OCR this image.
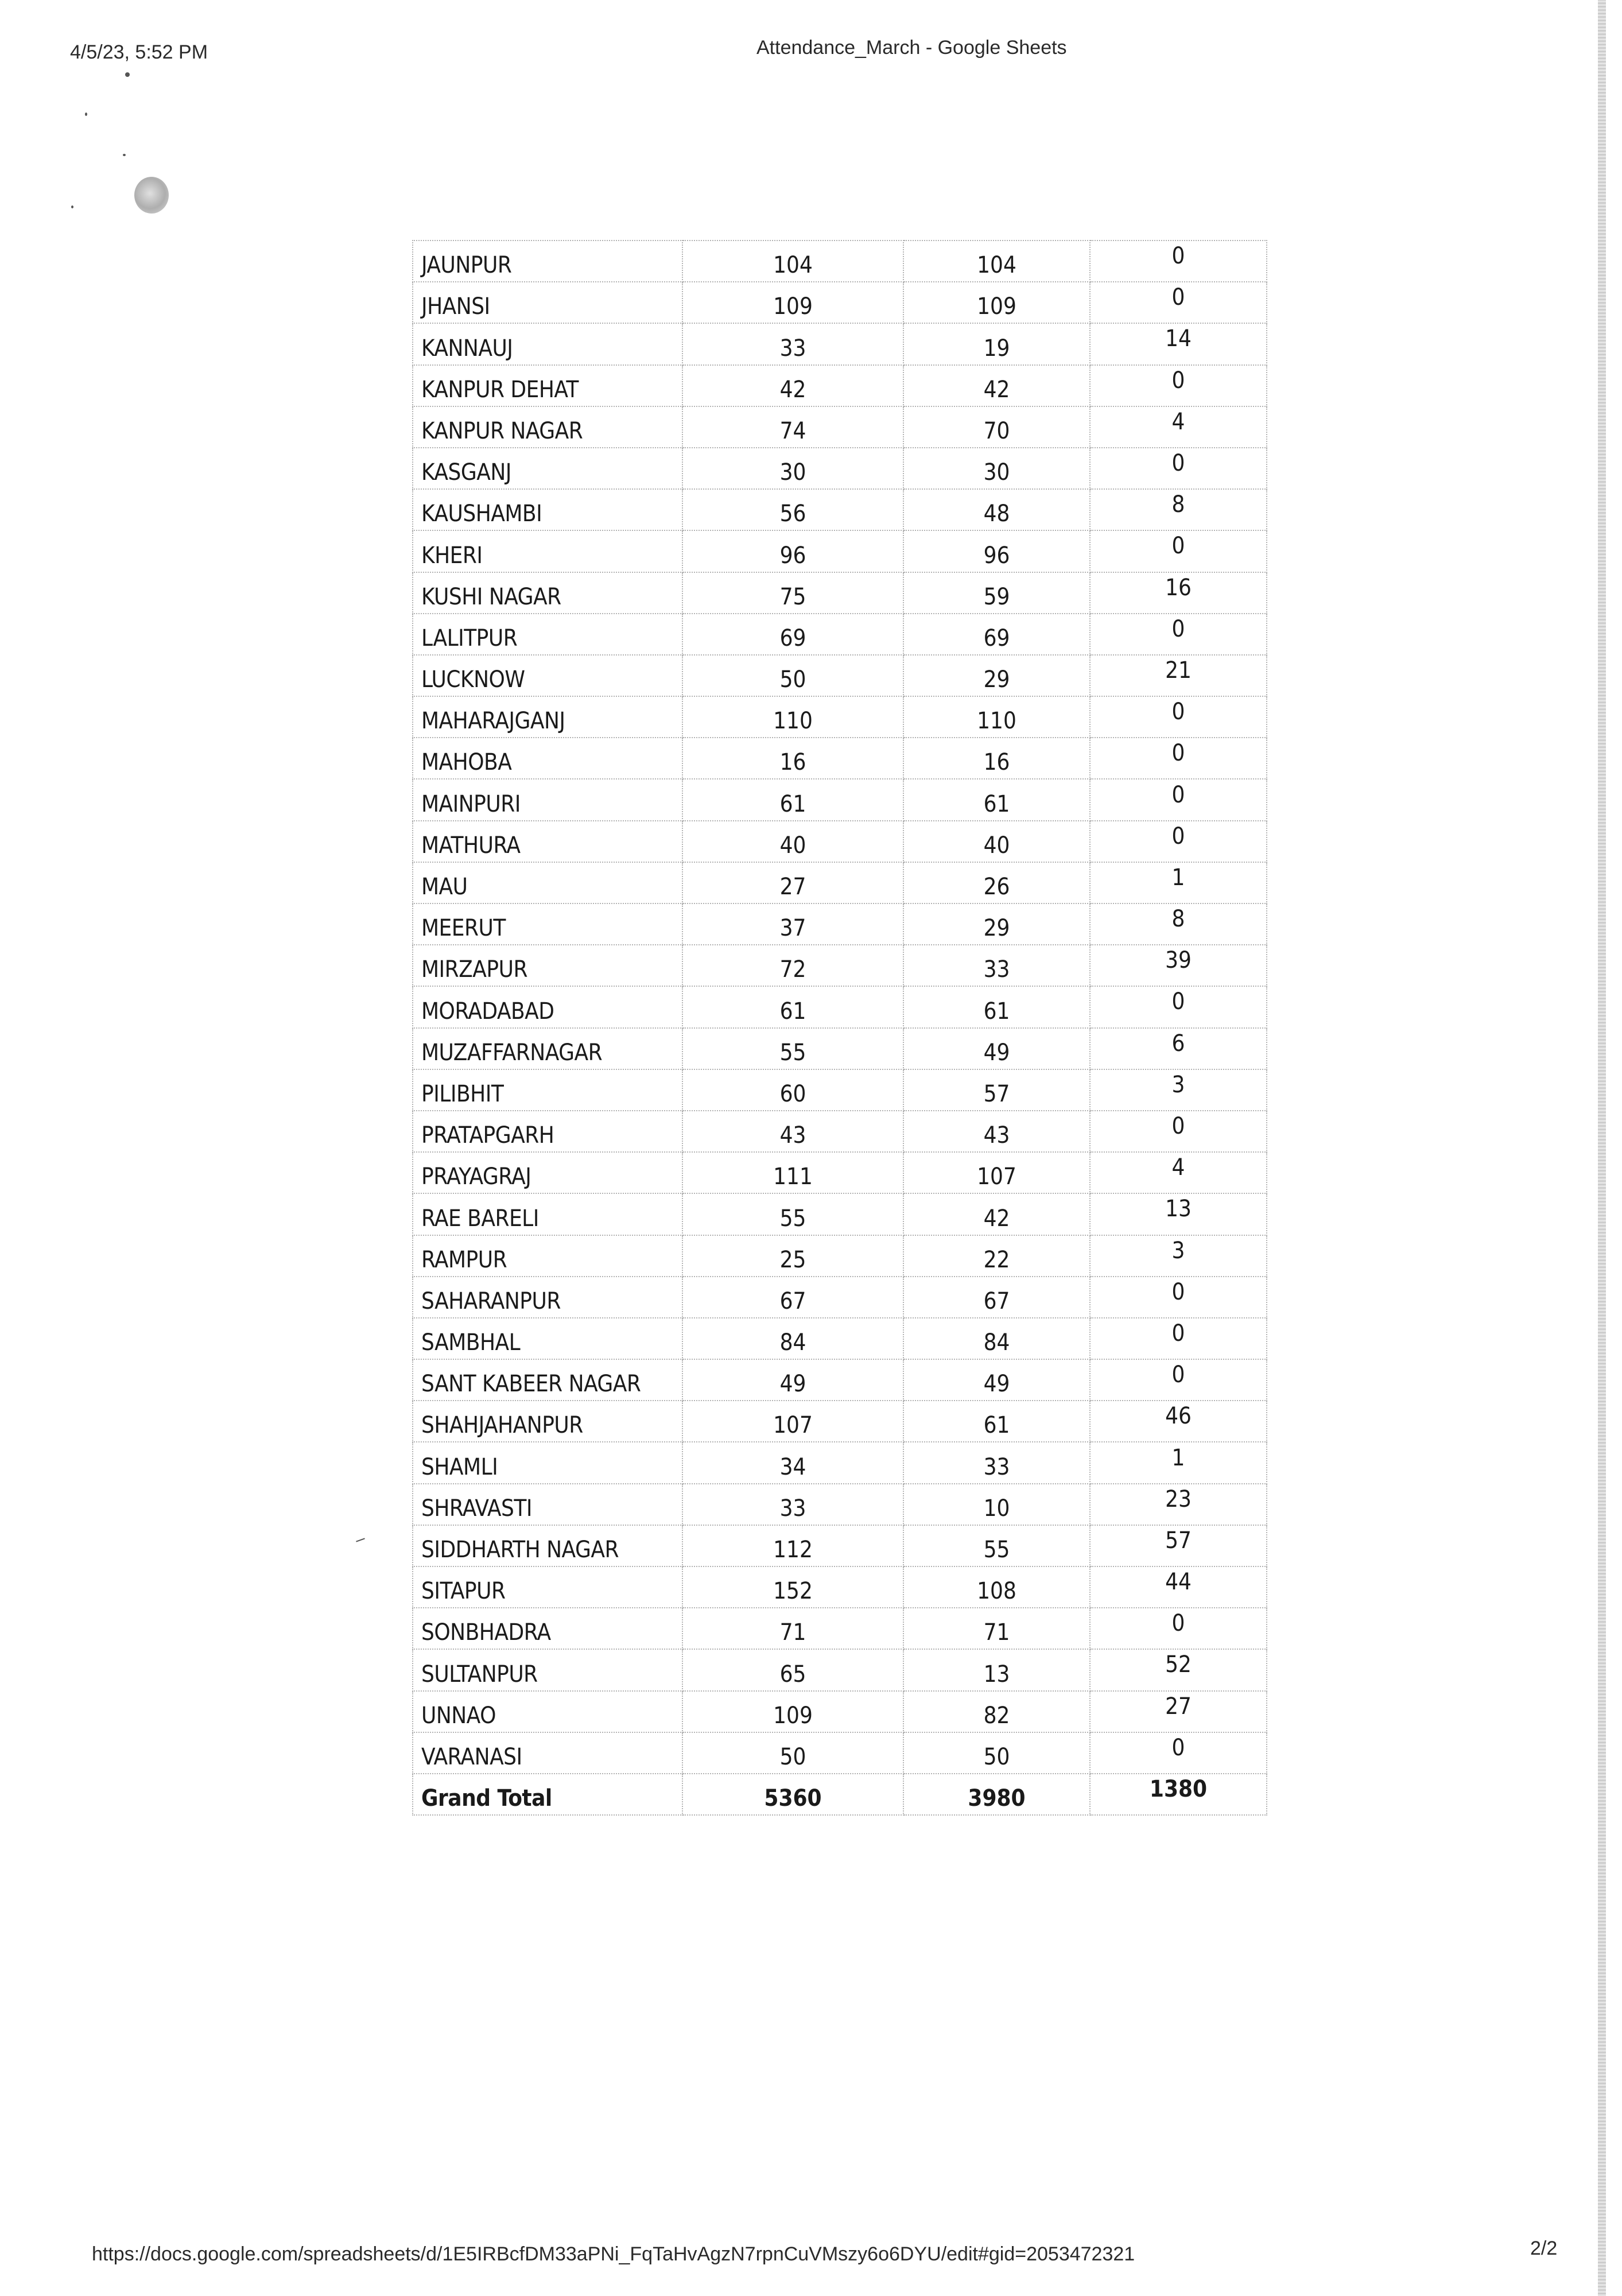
4/5/23, 5:52 PM	Attendance_March - Google Sheets
JAUNPUR	104	104	0
JHANSI	109	109	0
KANNAUJ	33	19	14
KANPUR DEHAT	42	42	0
KANPUR NAGAR	74	70	4
KASGANJ	30	30	0
KAUSHAMBI	56	48	8
KHERI	96	96	0
KUSHI NAGAR	75	59	16
LALITPUR	69	69	0
LUCKNOW	50	29	21
MAHARAJGANJ	110	110	0
MAHOBA	16	16	0
MAINPURI	61	61	0
MATHURA	40	40	0
MAU	27	26	1
MEERUT	37	29	8
MIRZAPUR	72	33	39
MORADABAD	61	61	0
MUZAFFARNAGAR	55	49	6
PILIBHIT	60	57	3
PRATAPGARH	43	43	0
PRAYAGRAJ	111	107	4
RAE BARELI	55	42	13
RAMPUR	25	22	3
SAHARANPUR	67	67	0
SAMBHAL	84	84	0
SANT KABEER NAGAR	49	49	0
SHAHJAHANPUR	107	61	46
SHAMLI	34	33	1
SHRAVASTI	33	10	23
SIDDHARTH NAGAR	112	55	57
SITAPUR	152	108	44
SONBHADRA	71	71	0
SULTANPUR	65	13	52
UNNAO	109	82	27
VARANASI	50	50	0
Grand Total	5360	3980	1380
https://docs.google.com/spreadsheets/d/1E5IRBcfDM33aPNi_FqTaHvAgzN7rpnCuVMszy6o6DYU/edit#gid=2053472321	2/2
